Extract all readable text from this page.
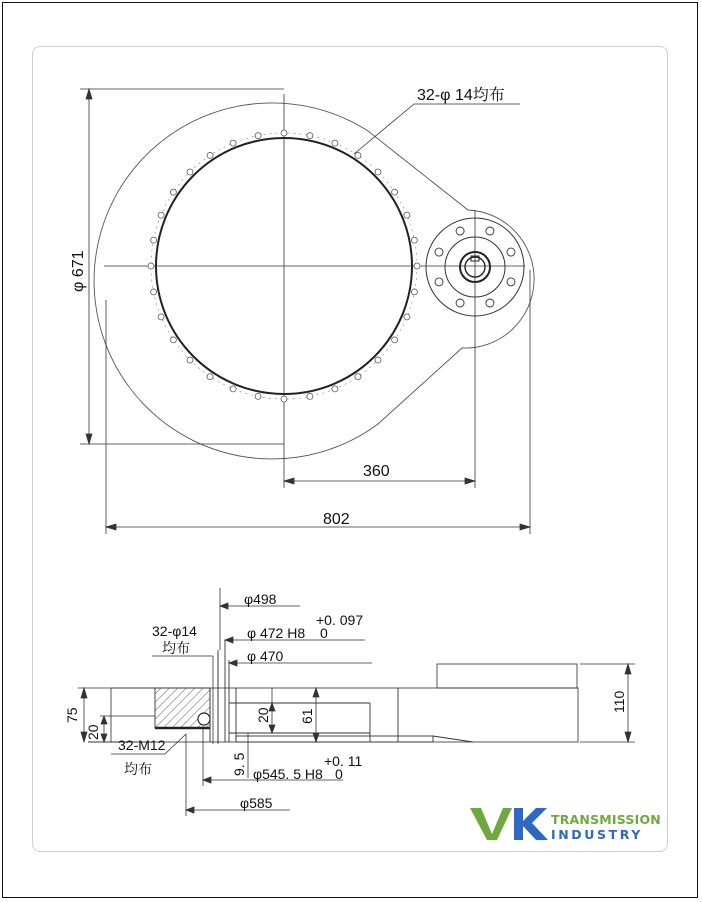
32-φ 14均布
φ 671
360
802
φ498
+0. 097
φ 472 H8 0
φ 470
32-φ14
均布
75
20
20 61
32-M12
均布	9. 5	+0. 11
φ545. 5 H8 0
φ585
110
TRANSMISSION
INDUSTRY
